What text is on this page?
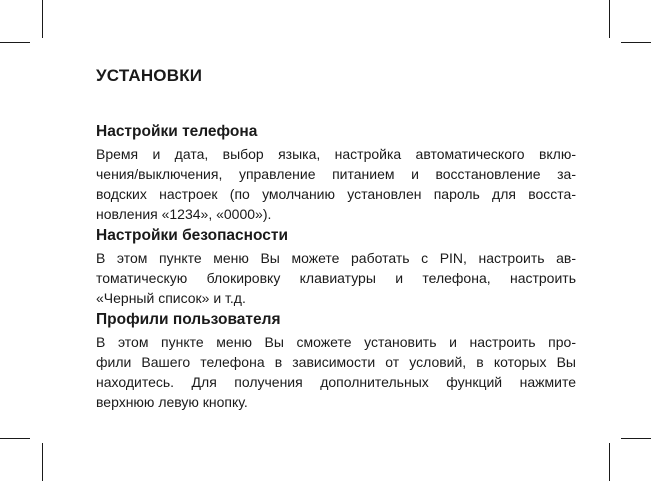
УСТАНОВКИ
Настройки телефона

Время и дата, выбор языка, настройка автоматического вклю-
чения/выключения, управление питанием и восстановление за-
водских настроек (по умолчанию установлен пароль для восста-
новления «1234», «0000»).

Настройки безопасности

В этом пункте меню Вы можете работать с PIN, настроить ав-
томатическую блокировку клавиатуры и телефона, настроить
«Черный список» и т.д.

Профили пользователя

В этом пункте меню Вы сможете установить и настроить про-
фили Вашего телефона в зависимости от условий, в которых Вы
находитесь. Для получения дополнительных функций нажмите
верхнюю левую кнопку.
